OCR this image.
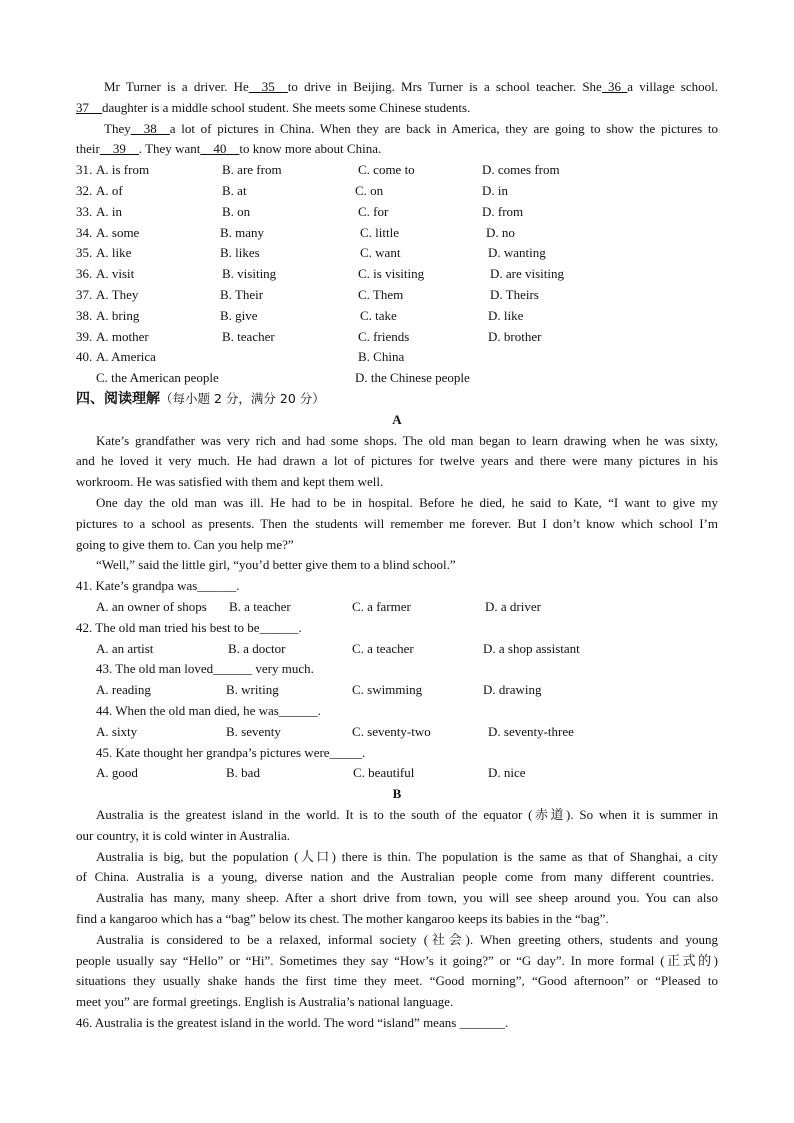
Mr Turner is a driver. He__35__to drive in Beijing. Mrs Turner is a school teacher. She 36 a village school.
37__daughter is a middle school student. She meets some Chinese students.
They__38__a lot of pictures in China. When they are back in America, they are going to show the pictures to
their__39__. They want__40__to know more about China.
31. A. is from	B. are from	C. come to	D. comes from
32. A. of	B. at	C. on	D. in
33. A. in	B. on	C. for	D. from
34. A. some	B. many	C. little	D. no
35. A. like	B. likes	C. want	D. wanting
36. A. visit	B. visiting	C. is visiting	D. are visiting
37. A. They	B. Their	C. Them	D. Theirs
38. A. bring	B. give	C. take	D. like
39. A. mother	B. teacher	C. friends	D. brother
40. A. America	B. China
C. the American people	D. the Chinese people
四、阅读理解（每小题 2 分，满分 20 分）
A
Kate’s grandfather was very rich and had some shops. The old man began to learn drawing when he was sixty,
and he loved it very much. He had drawn a lot of pictures for twelve years and there were many pictures in his
workroom. He was satisfied with them and kept them well.
One day the old man was ill. He had to be in hospital. Before he died, he said to Kate, “I want to give my
pictures to a school as presents. Then the students will remember me forever. But I don’t know which school I’m
going to give them to. Can you help me?”
“Well,” said the little girl, “you’d better give them to a blind school.”
41. Kate’s grandpa was______.
A. an owner of shops B. a teacher	C. a farmer	D. a driver
42. The old man tried his best to be______.
A. an artist	B. a doctor	C. a teacher	D. a shop assistant
43. The old man loved______ very much.
A. reading	B. writing	C. swimming	D. drawing
44. When the old man died, he was______.
A. sixty	B. seventy	C. seventy-two	D. seventy-three
45. Kate thought her grandpa’s pictures were_____.
A. good	B. bad	C. beautiful	D. nice
B
Australia is the greatest island in the world. It is to the south of the equator (赤道). So when it is summer in
our country, it is cold winter in Australia.
Australia is big, but the population (人口) there is thin. The population is the same as that of Shanghai, a city
of China. Australia is a young, diverse nation and the Australian people come from many different countries.
Australia has many, many sheep. After a short drive from town, you will see sheep around you. You can also
find a kangaroo which has a “bag” below its chest. The mother kangaroo keeps its babies in the “bag”.
Australia is considered to be a relaxed, informal society (社会). When greeting others, students and young
people usually say “Hello” or “Hi”. Sometimes they say “How’s it going?” or “G day”. In more formal (正式的)
situations they usually shake hands the first time they meet. “Good morning”, “Good afternoon” or “Pleased to
meet you” are formal greetings. English is Australia’s national language.
46. Australia is the greatest island in the world. The word “island” means _______.
